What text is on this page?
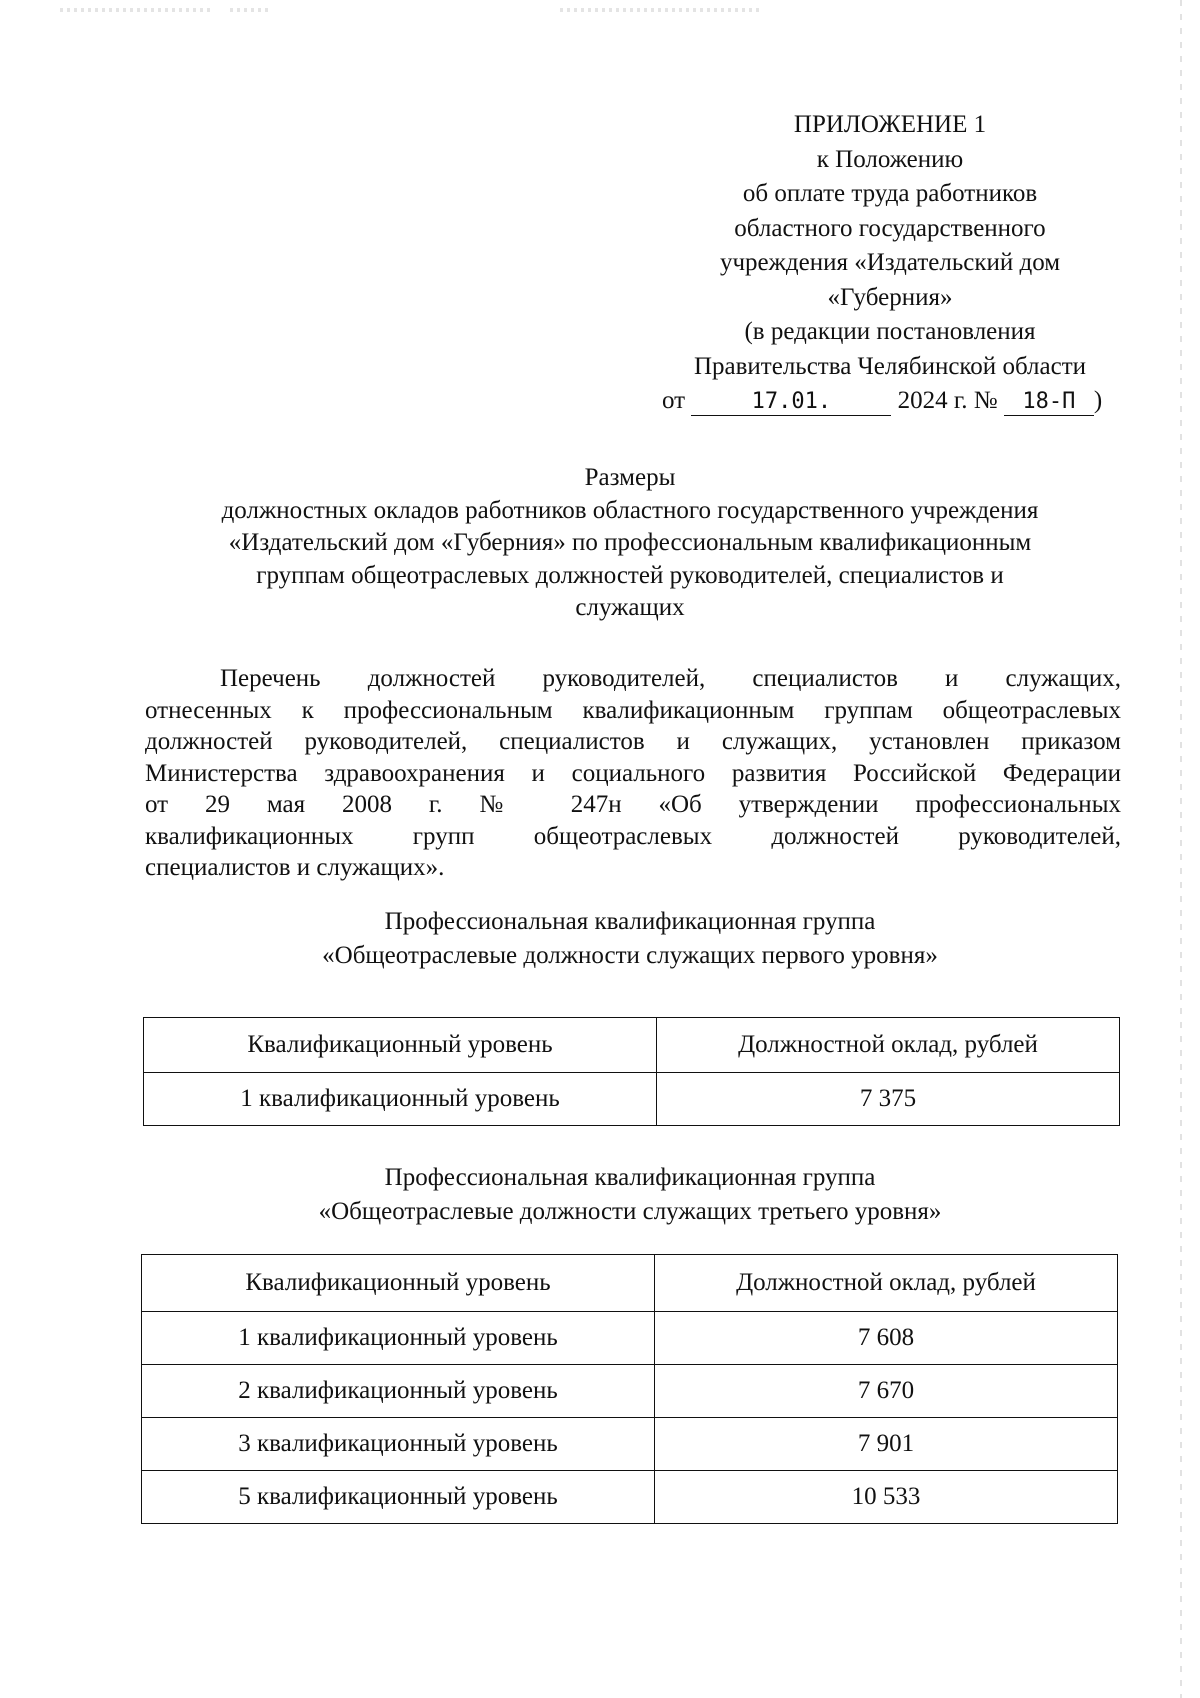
ПРИЛОЖЕНИЕ 1
к Положению
об оплате труда работников
областного государственного
учреждения «Издательский дом
«Губерния»
(в редакции постановления
Правительства Челябинской области
от	17.01.	2024 г. № 18-П )
Размеры
должностных окладов работников областного государственного учреждения
«Издательский дом «Губерния» по профессиональным квалификационным
группам общеотраслевых должностей руководителей, специалистов и
служащих
Перечень должностей руководителей, специалистов и служащих,
отнесенных к профессиональным квалификационным группам общеотраслевых
должностей руководителей, специалистов и служащих, установлен приказом
Министерства здравоохранения и социального развития Российской Федерации
от 29 мая 2008 г. № 247н «Об утверждении профессиональных
квалификационных групп общеотраслевых должностей руководителей,
специалистов и служащих».
Профессиональная квалификационная группа
«Общеотраслевые должности служащих первого уровня»
Квалификационный уровень	Должностной оклад, рублей
1 квалификационный уровень	7 375
Профессиональная квалификационная группа
«Общеотраслевые должности служащих третьего уровня»
Квалификационный уровень	Должностной оклад, рублей
1 квалификационный уровень	7 608
2 квалификационный уровень	7 670
3 квалификационный уровень	7 901
5 квалификационный уровень	10 533
